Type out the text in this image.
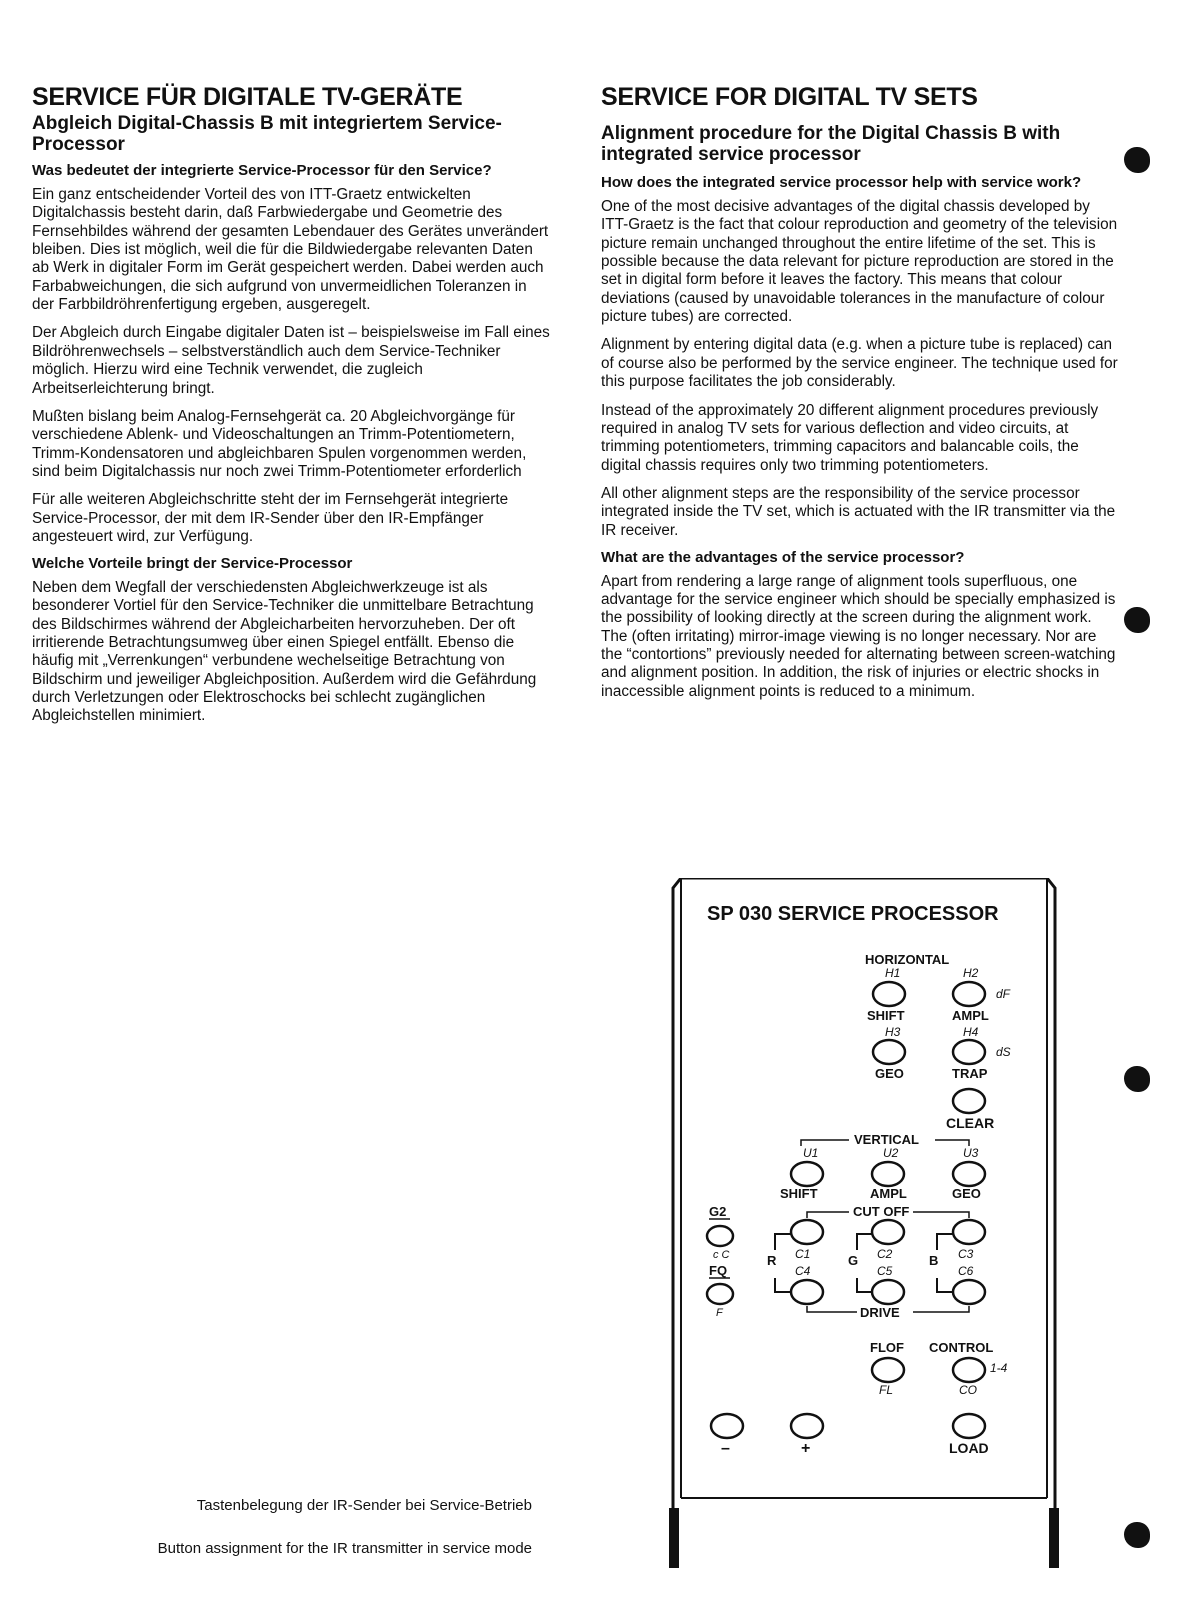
SERVICE FÜR DIGITALE TV-GERÄTE
Abgleich Digital-Chassis B mit integriertem Service-Processor
Was bedeutet der integrierte Service-Processor für den Service?

Ein ganz entscheidender Vorteil des von ITT-Graetz entwickelten Digitalchassis besteht darin, daß Farbwiedergabe und Geometrie des Fernsehbildes während der gesamten Lebendauer des Gerätes unverändert bleiben. Dies ist möglich, weil die für die Bildwiedergabe relevanten Daten ab Werk in digitaler Form im Gerät gespeichert werden. Dabei werden auch Farbabweichungen, die sich aufgrund von unvermeidlichen Toleranzen in der Farbbildröhrenfertigung ergeben, ausgeregelt.

Der Abgleich durch Eingabe digitaler Daten ist – beispielsweise im Fall eines Bildröhrenwechsels – selbstverständlich auch dem Service-Techniker möglich. Hierzu wird eine Technik verwendet, die zugleich Arbeitserleichterung bringt.

Mußten bislang beim Analog-Fernsehgerät ca. 20 Abgleichvorgänge für verschiedene Ablenk- und Videoschaltungen an Trimm-Potentiometern, Trimm-Kondensatoren und abgleichbaren Spulen vorgenommen werden, sind beim Digitalchassis nur noch zwei Trimm-Potentiometer erforderlich

Für alle weiteren Abgleichschritte steht der im Fernsehgerät integrierte Service-Processor, der mit dem IR-Sender über den IR-Empfänger angesteuert wird, zur Verfügung.

Welche Vorteile bringt der Service-Processor

Neben dem Wegfall der verschiedensten Abgleichwerkzeuge ist als besonderer Vortiel für den Service-Techniker die unmittelbare Betrachtung des Bildschirmes während der Abgleicharbeiten hervorzuheben. Der oft irritierende Betrachtungsumweg über einen Spiegel entfällt. Ebenso die häufig mit „Verrenkungen“ verbundene wechelseitige Betrachtung von Bildschirm und jeweiliger Abgleichposition. Außerdem wird die Gefährdung durch Verletzungen oder Elektroschocks bei schlecht zugänglichen Abgleichstellen minimiert.

SERVICE FOR DIGITAL TV SETS
Alignment procedure for the Digital Chassis B with integrated service processor
How does the integrated service processor help with service work?

One of the most decisive advantages of the digital chassis developed by ITT-Graetz is the fact that colour reproduction and geometry of the television picture remain unchanged throughout the entire lifetime of the set. This is possible because the data relevant for picture reproduction are stored in the set in digital form before it leaves the factory. This means that colour deviations (caused by unavoidable tolerances in the manufacture of colour picture tubes) are corrected.

Alignment by entering digital data (e.g. when a picture tube is replaced) can of course also be performed by the service engineer. The technique used for this purpose facilitates the job considerably.

Instead of the approximately 20 different alignment procedures previously required in analog TV sets for various deflection and video circuits, at trimming potentiometers, trimming capacitors and balancable coils, the digital chassis requires only two trimming potentiometers.

All other alignment steps are the responsibility of the service processor integrated inside the TV set, which is actuated with the IR transmitter via the IR receiver.

What are the advantages of the service processor?

Apart from rendering a large range of alignment tools superfluous, one advantage for the service engineer which should be specially emphasized is the possibility of looking directly at the screen during the alignment work. The (often irritating) mirror-image viewing is no longer necessary. Nor are the “contortions” previously needed for alternating between screen-watching and alignment position. In addition, the risk of injuries or electric shocks in inaccessible alignment points is reduced to a minimum.

Tastenbelegung der IR-Sender bei Service-Betrieb
Button assignment for the IR transmitter in service mode
SP 030 SERVICE PROCESSOR
HORIZONTAL
H1	H2
dF
SHIFT	AMPL
H3	H4
dS
GEO	TRAP
CLEAR
VERTICAL
U1	U2	U3
SHIFT	AMPL	GEO
G2
c C
FQ
F
CUT OFF
C1	C2	C3
R	G	B
C4	C5	C6
DRIVE
FLOF CONTROL
1-4
FL	CO
–	+	LOAD
